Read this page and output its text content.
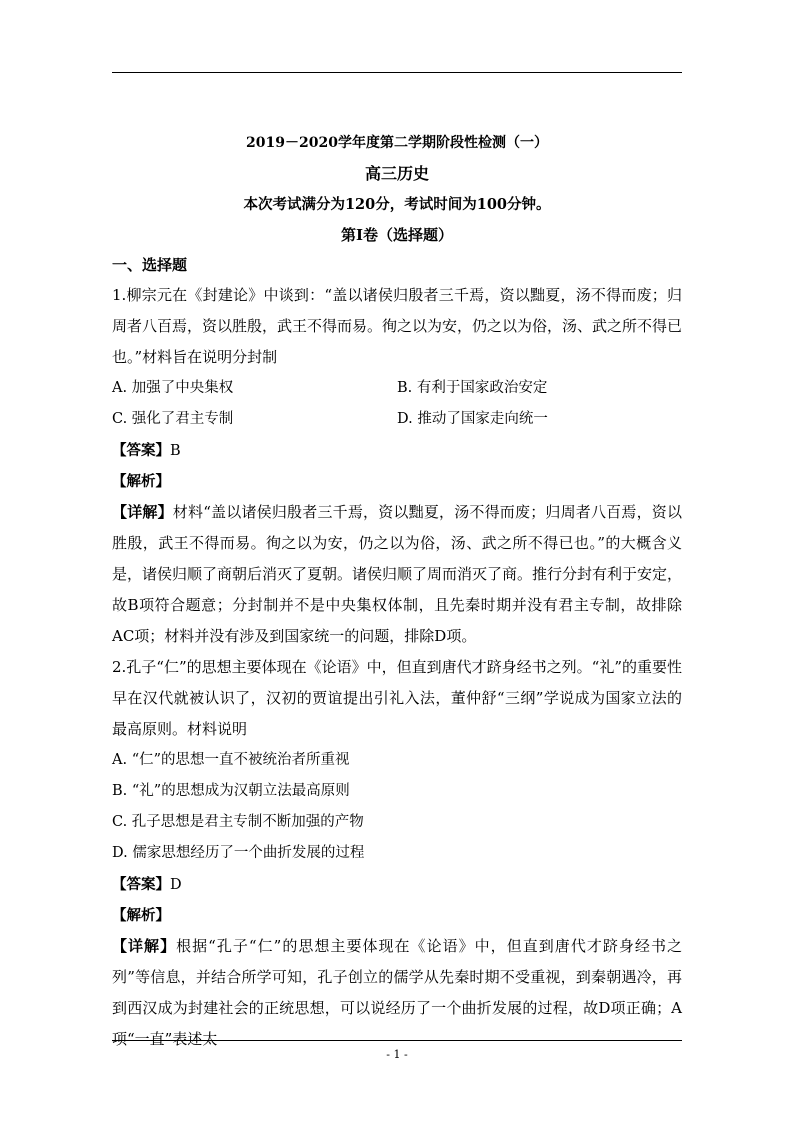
2019－2020学年度第二学期阶段性检测（一）
高三历史
本次考试满分为120分，考试时间为100分钟。
第Ⅰ卷（选择题）
一、选择题
1.柳宗元在《封建论》中谈到：“盖以诸侯归殷者三千焉，资以黜夏，汤不得而废；归周者八百焉，资以胜殷，武王不得而易。徇之以为安，仍之以为俗，汤、武之所不得已也。”材料旨在说明分封制
A. 加强了中央集权	B. 有利于国家政治安定
C. 强化了君主专制	D. 推动了国家走向统一
【答案】B
【解析】
【详解】材料“盖以诸侯归殷者三千焉，资以黜夏，汤不得而废；归周者八百焉，资以胜殷，武王不得而易。徇之以为安，仍之以为俗，汤、武之所不得已也。”的大概含义是，诸侯归顺了商朝后消灭了夏朝。诸侯归顺了周而消灭了商。推行分封有利于安定，故B项符合题意；分封制并不是中央集权体制，且先秦时期并没有君主专制，故排除AC项；材料并没有涉及到国家统一的问题，排除D项。
2.孔子“仁”的思想主要体现在《论语》中，但直到唐代才跻身经书之列。“礼”的重要性早在汉代就被认识了，汉初的贾谊提出引礼入法，董仲舒“三纲”学说成为国家立法的最高原则。材料说明
A. “仁”的思想一直不被统治者所重视
B. “礼”的思想成为汉朝立法最高原则
C. 孔子思想是君主专制不断加强的产物
D. 儒家思想经历了一个曲折发展的过程
【答案】D
【解析】
【详解】根据“孔子“仁”的思想主要体现在《论语》中，但直到唐代才跻身经书之列”等信息，并结合所学可知，孔子创立的儒学从先秦时期不受重视，到秦朝遇冷，再到西汉成为封建社会的正统思想，可以说经历了一个曲折发展的过程，故D项正确；A项“一直”表述太
- 1 -
